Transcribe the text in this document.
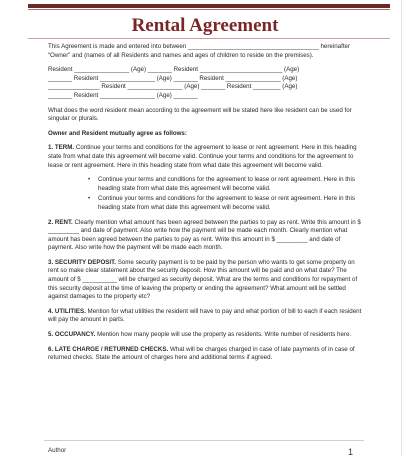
Rental Agreement

This Agreement is made and entered into between ______________________________________ hereinafter “Owner” and (names of all Residents and names and ages of children to reside on the premises).

Resident ________________ (Age) _______ Resident ________________________ (Age)
_______ Resident ________________ (Age) _______ Resident ________________ (Age)
_______________ Resident ________________ (Age) _______ Resident ________ (Age)
_______ Resident ________________ (Age) _______

What does the word resident mean according to the agreement will be stated here like resident can be used for singular or plurals.

Owner and Resident mutually agree as follows:

1. TERM. Continue your terms and conditions for the agreement to lease or rent agreement. Here in this heading state from what date this agreement will become valid. Continue your terms and conditions for the agreement to lease or rent agreement. Here in this heading state from what date this agreement will become valid.

• Continue your terms and conditions for the agreement to lease or rent agreement. Here in this heading state from what date this agreement will become valid.
• Continue your terms and conditions for the agreement to lease or rent agreement. Here in this heading state from what date this agreement will become valid.

2. RENT. Clearly mention what amount has been agreed between the parties to pay as rent. Write this amount in $ _________ and date of payment. Also write how the payment will be made each month. Clearly mention what amount has been agreed between the parties to pay as rent. Write this amount in $ _________ and date of payment. Also write how the payment will be made each month.

3. SECURITY DEPOSIT. Some security payment is to be paid by the person who wants to get some property on rent so make clear statement about the security deposit. How this amount will be paid and on what date? The amount of $ __________ will be charged as security deposit. What are the terms and conditions for repayment of this security deposit at the time of leaving the property or ending the agreement? What amount will be settled against damages to the property etc?

4. UTILITIES. Mention for what utilities the resident will have to pay and what portion of bill to each if each resident will pay the amount in parts.

5. OCCUPANCY. Mention how many people will use the property as residents. Write number of residents here.

6. LATE CHARGE / RETURNED CHECKS. What will be charges charged in case of late payments of in case of returned checks. State the amount of charges here and additional terms if agreed.

Author	1
